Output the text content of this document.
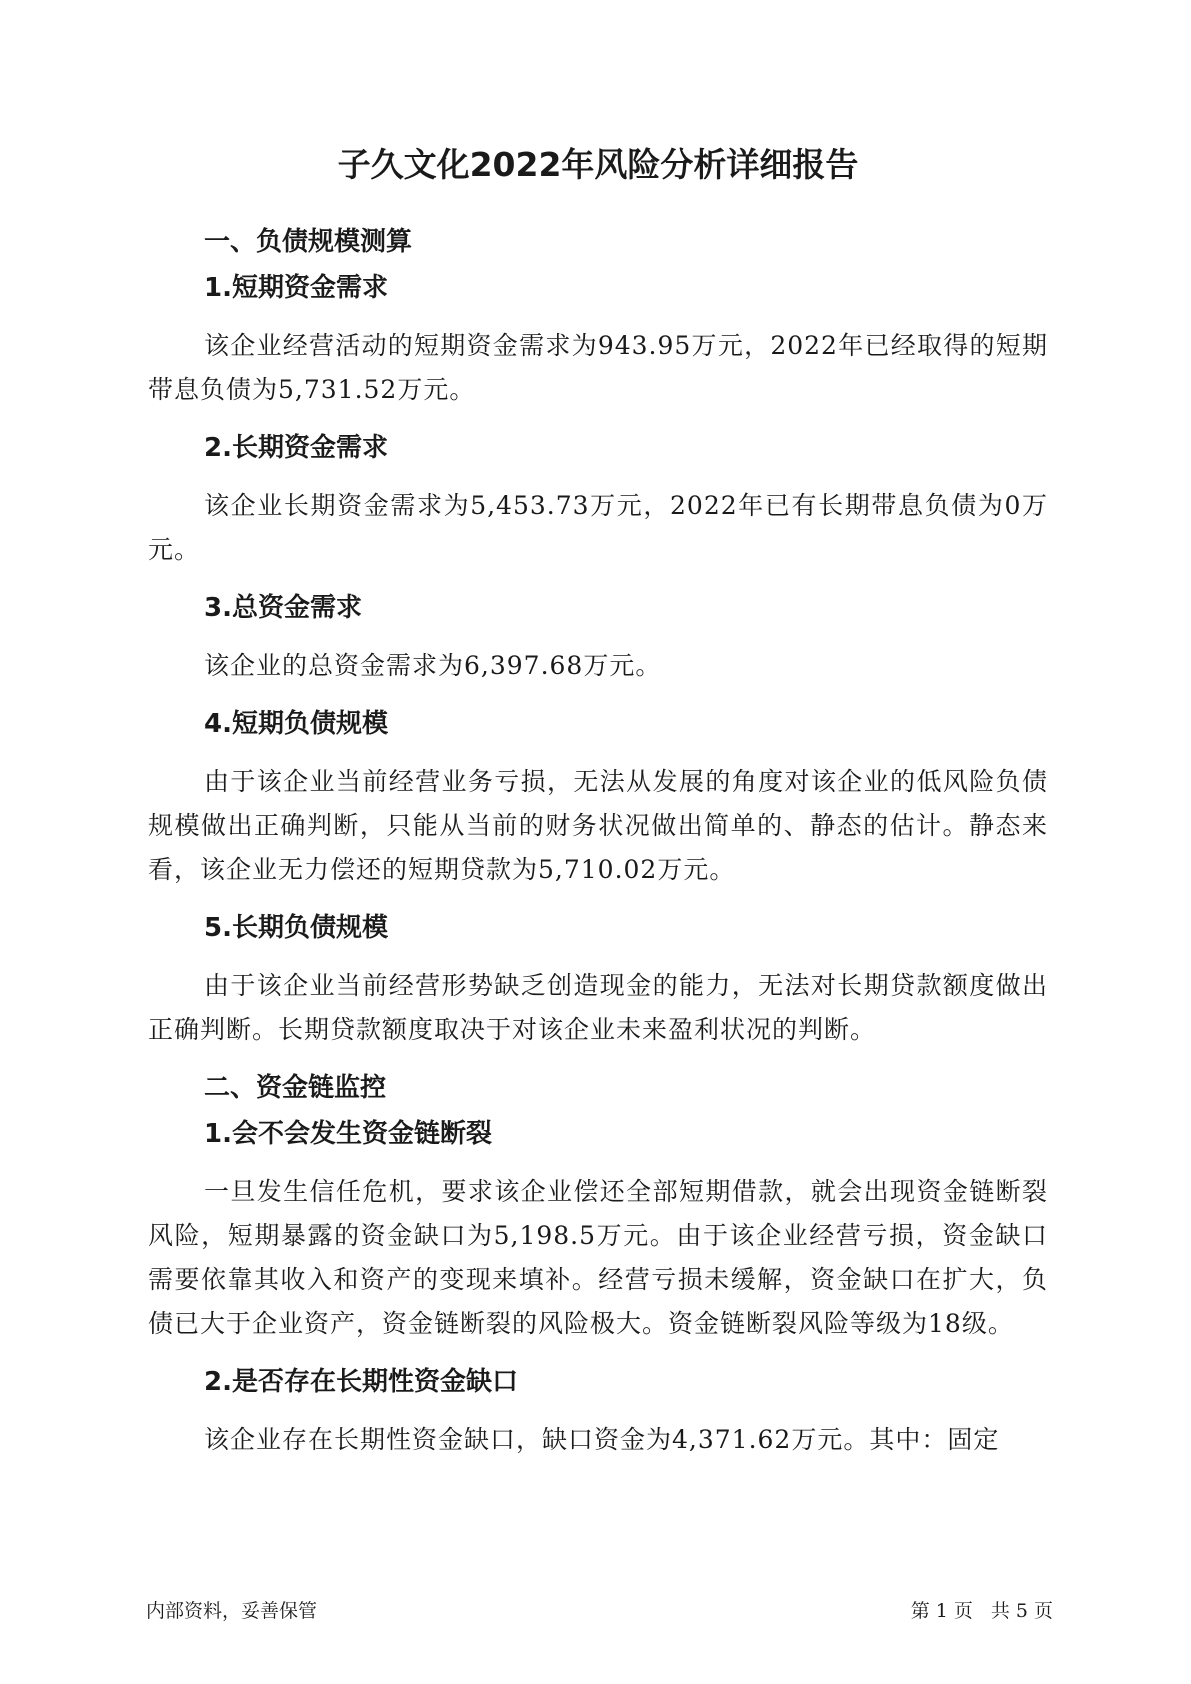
子久文化2022年风险分析详细报告
一、负债规模测算
1.短期资金需求

该企业经营活动的短期资金需求为943.95万元，2022年已经取得的短期带息负债为5,731.52万元。

2.长期资金需求

该企业长期资金需求为5,453.73万元，2022年已有长期带息负债为0万元。

3.总资金需求

该企业的总资金需求为6,397.68万元。

4.短期负债规模

由于该企业当前经营业务亏损，无法从发展的角度对该企业的低风险负债规模做出正确判断，只能从当前的财务状况做出简单的、静态的估计。静态来看，该企业无力偿还的短期贷款为5,710.02万元。

5.长期负债规模

由于该企业当前经营形势缺乏创造现金的能力，无法对长期贷款额度做出正确判断。长期贷款额度取决于对该企业未来盈利状况的判断。

二、资金链监控
1.会不会发生资金链断裂

一旦发生信任危机，要求该企业偿还全部短期借款，就会出现资金链断裂风险，短期暴露的资金缺口为5,198.5万元。由于该企业经营亏损，资金缺口需要依靠其收入和资产的变现来填补。经营亏损未缓解，资金缺口在扩大，负债已大于企业资产，资金链断裂的风险极大。资金链断裂风险等级为18级。

2.是否存在长期性资金缺口

该企业存在长期性资金缺口，缺口资金为4,371.62万元。其中：固定

内部资料，妥善保管	第 1 页 共 5 页
